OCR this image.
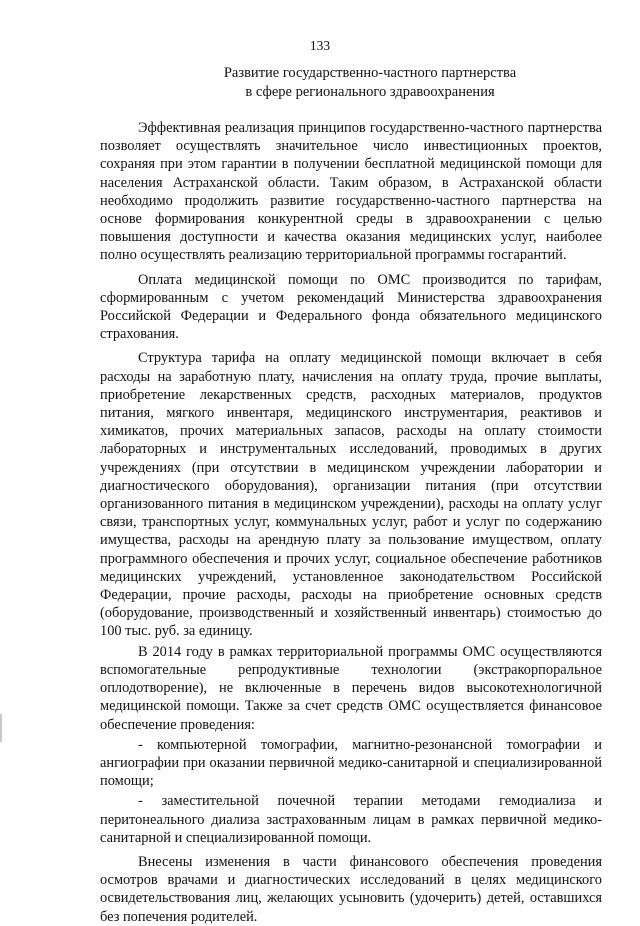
133
Развитие государственно-частного партнерства
в сфере регионального здравоохранения

Эффективная реализация принципов государственно-частного партнерства позволяет осуществлять значительное число инвестиционных проектов, сохраняя при этом гарантии в получении бесплатной медицинской помощи для населения Астраханской области. Таким образом, в Астраханской области необходимо продолжить развитие государственно-частного партнерства на основе формирования конкурентной среды в здравоохранении с целью повышения доступности и качества оказания медицинских услуг, наиболее полно осуществлять реализацию территориальной программы госгарантий.

Оплата медицинской помощи по ОМС производится по тарифам, сформированным с учетом рекомендаций Министерства здравоохранения Российской Федерации и Федерального фонда обязательного медицинского страхования.

Структура тарифа на оплату медицинской помощи включает в себя расходы на заработную плату, начисления на оплату труда, прочие выплаты, приобретение лекарственных средств, расходных материалов, продуктов питания, мягкого инвентаря, медицинского инструментария, реактивов и химикатов, прочих материальных запасов, расходы на оплату стоимости лабораторных и инструментальных исследований, проводимых в других учреждениях (при отсутствии в медицинском учреждении лаборатории и диагностического оборудования), организации питания (при отсутствии организованного питания в медицинском учреждении), расходы на оплату услуг связи, транспортных услуг, коммунальных услуг, работ и услуг по содержанию имущества, расходы на арендную плату за пользование имуществом, оплату программного обеспечения и прочих услуг, социальное обеспечение работников медицинских учреждений, установленное законодательством Российской Федерации, прочие расходы, расходы на приобретение основных средств (оборудование, производственный и хозяйственный инвентарь) стоимостью до 100 тыс. руб. за единицу.

В 2014 году в рамках территориальной программы ОМС осуществляются вспомогательные репродуктивные технологии (экстракорпоральное оплодотворение), не включенные в перечень видов высокотехнологичной медицинской помощи. Также за счет средств ОМС осуществляется финансовое обеспечение проведения:

- компьютерной томографии, магнитно-резонансной томографии и ангиографии при оказании первичной медико-санитарной и специализированной помощи;

- заместительной почечной терапии методами гемодиализа и перитонеального диализа застрахованным лицам в рамках первичной медико-санитарной и специализированной помощи.

Внесены изменения в части финансового обеспечения проведения осмотров врачами и диагностических исследований в целях медицинского освидетельствования лиц, желающих усыновить (удочерить) детей, оставшихся без попечения родителей.
